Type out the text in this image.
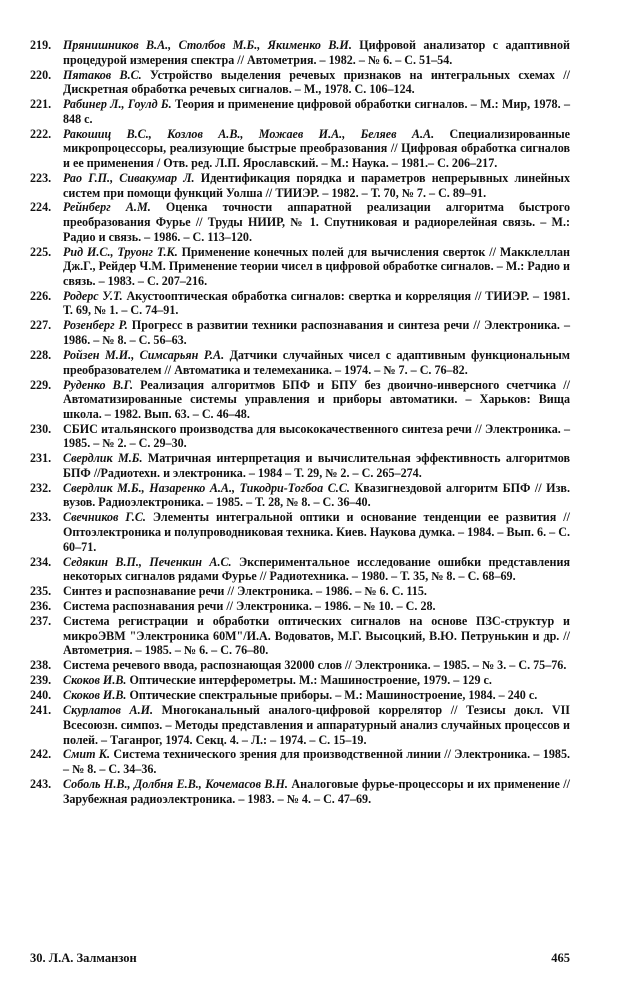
219. Прянишников В.А., Столбов М.Б., Якименко В.И. Цифровой анализатор с адаптивной процедурой измерения спектра // Автометрия. – 1982. – № 6. – С. 51–54.
220. Пятаков В.С. Устройство выделения речевых признаков на интегральных схемах // Дискретная обработка речевых сигналов. – М., 1978. С. 106–124.
221. Рабинер Л., Гоулд Б. Теория и применение цифровой обработки сигналов. – М.: Мир, 1978. – 848 с.
222. Ракошиц В.С., Козлов А.В., Можаев И.А., Беляев А.А. Специализированные микропроцессоры, реализующие быстрые преобразования // Цифровая обработка сигналов и ее применения / Отв. ред. Л.П. Ярославский. – М.: Наука. – 1981.– С. 206–217.
223. Рао Г.П., Сивакумар Л. Идентификация порядка и параметров непрерывных линейных систем при помощи функций Уолша // ТИИЭР. – 1982. – Т. 70, № 7. – С. 89–91.
224. Рейнберг А.М. Оценка точности аппаратной реализации алгоритма быстрого преобразования Фурье // Труды НИИР, № 1. Спутниковая и радиорелейная связь. – М.: Радио и связь. – 1986. – С. 113–120.
225. Рид И.С., Труонг Т.К. Применение конечных полей для вычисления сверток // Макклеллан Дж.Г., Рейдер Ч.М. Применение теории чисел в цифровой обработке сигналов. – М.: Радио и связь. – 1983. – С. 207–216.
226. Родерс У.Т. Акустооптическая обработка сигналов: свертка и корреляция // ТИИЭР. – 1981. Т. 69, № 1. – С. 74–91.
227. Розенберг Р. Прогресс в развитии техники распознавания и синтеза речи // Электроника. – 1986. – № 8. – С. 56–63.
228. Ройзен М.И., Симсарьян Р.А. Датчики случайных чисел с адаптивным функциональным преобразователем // Автоматика и телемеханика. – 1974. – № 7. – С. 76–82.
229. Руденко В.Г. Реализация алгоритмов БПФ и БПУ без двоично-инверсного счетчика // Автоматизированные системы управления и приборы автоматики. – Харьков: Вища школа. – 1982. Вып. 63. – С. 46–48.
230. СБИС итальянского производства для высококачественного синтеза речи // Электроника. – 1985. – № 2. – С. 29–30.
231. Свердлик М.Б. Матричная интерпретация и вычислительная эффективность алгоритмов БПФ //Радиотехн. и электроника. – 1984 – Т. 29, № 2. – С. 265–274.
232. Свердлик М.Б., Назаренко А.А., Тикодри-Тогбоа С.С. Квазигнездовой алгоритм БПФ // Изв. вузов. Радиоэлектроника. – 1985. – Т. 28, № 8. – С. 36–40.
233. Свечников Г.С. Элементы интегральной оптики и основание тенденции ее развития // Оптоэлектроника и полупроводниковая техника. Киев. Наукова думка. – 1984. – Вып. 6. – С. 60–71.
234. Седякин В.П., Печенкин А.С. Экспериментальное исследование ошибки представления некоторых сигналов рядами Фурье // Радиотехника. – 1980. – Т. 35, № 8. – С. 68–69.
235. Синтез и распознавание речи // Электроника. – 1986. – № 6. С. 115.
236. Система распознавания речи // Электроника. – 1986. – № 10. – С. 28.
237. Система регистрации и обработки оптических сигналов на основе ПЗС-структур и микроЭВМ "Электроника 60М"/И.А. Водоватов, М.Г. Высоцкий, В.Ю. Петрунькин и др. // Автометрия. – 1985. – № 6. – С. 76–80.
238. Система речевого ввода, распознающая 32000 слов // Электроника. – 1985. – № 3. – С. 75–76.
239. Скоков И.В. Оптические интерферометры. М.: Машиностроение, 1979. – 129 с.
240. Скоков И.В. Оптические спектральные приборы. – М.: Машиностроение, 1984. – 240 с.
241. Скурлатов А.И. Многоканальный аналого-цифровой коррелятор // Тезисы докл. VII Всесоюзн. симпоз. – Методы представления и аппаратурный анализ случайных процессов и полей. – Таганрог, 1974. Секц. 4. – Л.: – 1974. – С. 15–19.
242. Смит К. Система технического зрения для производственной линии // Электроника. – 1985. – № 8. – С. 34–36.
243. Соболь Н.В., Долбня Е.В., Кочемасов В.Н. Аналоговые фурье-процессоры и их применение // Зарубежная радиоэлектроника. – 1983. – № 4. – С. 47–69.
30. Л.А. Залманзон	465
